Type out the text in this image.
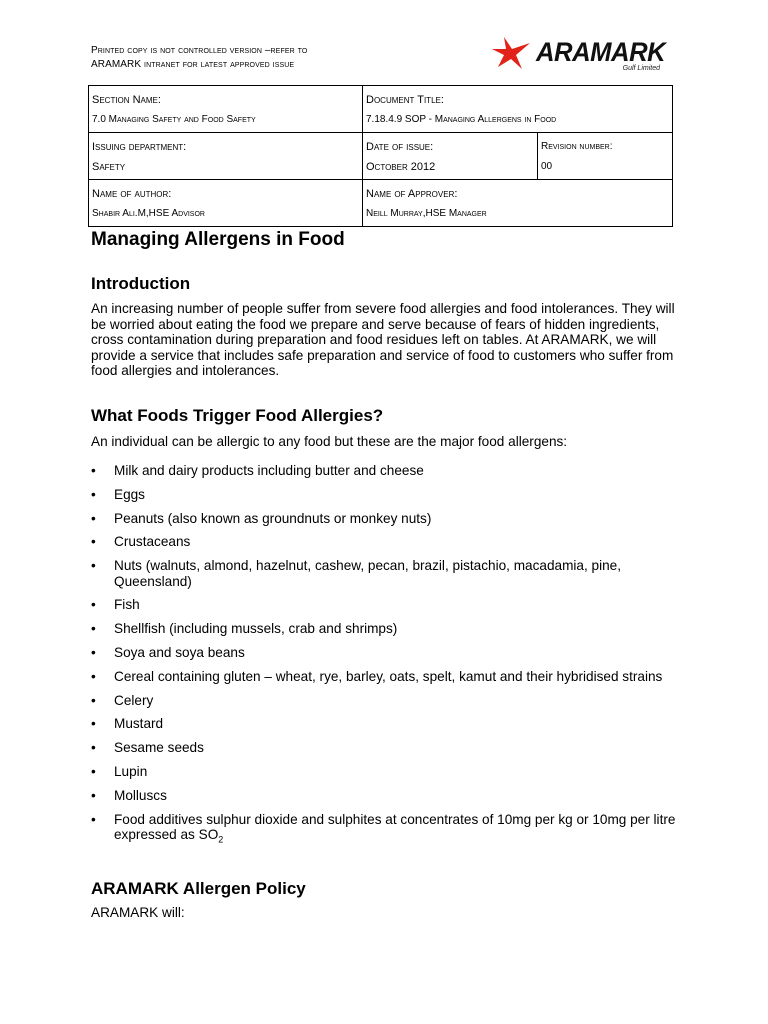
Printed copy is not controlled version –refer to
ARAMARK intranet for latest approved issue	ARAMARK
Gulf Limited
Section Name:
7.0 Managing Safety and Food Safety	Document Title:
7.18.4.9 SOP - Managing Allergens in Food	

Issuing department:
Safety	Date of issue:
October 2012	Revision number:
00

Name of author:
Shabir Ali.M,HSE Advisor	Name of Approver:
Neill Murray,HSE Manager	
Managing Allergens in Food
Introduction

An increasing number of people suffer from severe food allergies and food intolerances. They will be worried about eating the food we prepare and serve because of fears of hidden ingredients, cross contamination during preparation and food residues left on tables. At ARAMARK, we will provide a service that includes safe preparation and service of food to customers who suffer from food allergies and intolerances.

What Foods Trigger Food Allergies?

An individual can be allergic to any food but these are the major food allergens:

• Milk and dairy products including butter and cheese
• Eggs
• Peanuts (also known as groundnuts or monkey nuts)
• Crustaceans
• Nuts (walnuts, almond, hazelnut, cashew, pecan, brazil, pistachio, macadamia, pine, Queensland)
• Fish
• Shellfish (including mussels, crab and shrimps)
• Soya and soya beans
• Cereal containing gluten – wheat, rye, barley, oats, spelt, kamut and their hybridised strains
• Celery
• Mustard
• Sesame seeds
• Lupin
• Molluscs
• Food additives sulphur dioxide and sulphites at concentrates of 10mg per kg or 10mg per litre expressed as $SO_2$
ARAMARK Allergen Policy

ARAMARK will:
